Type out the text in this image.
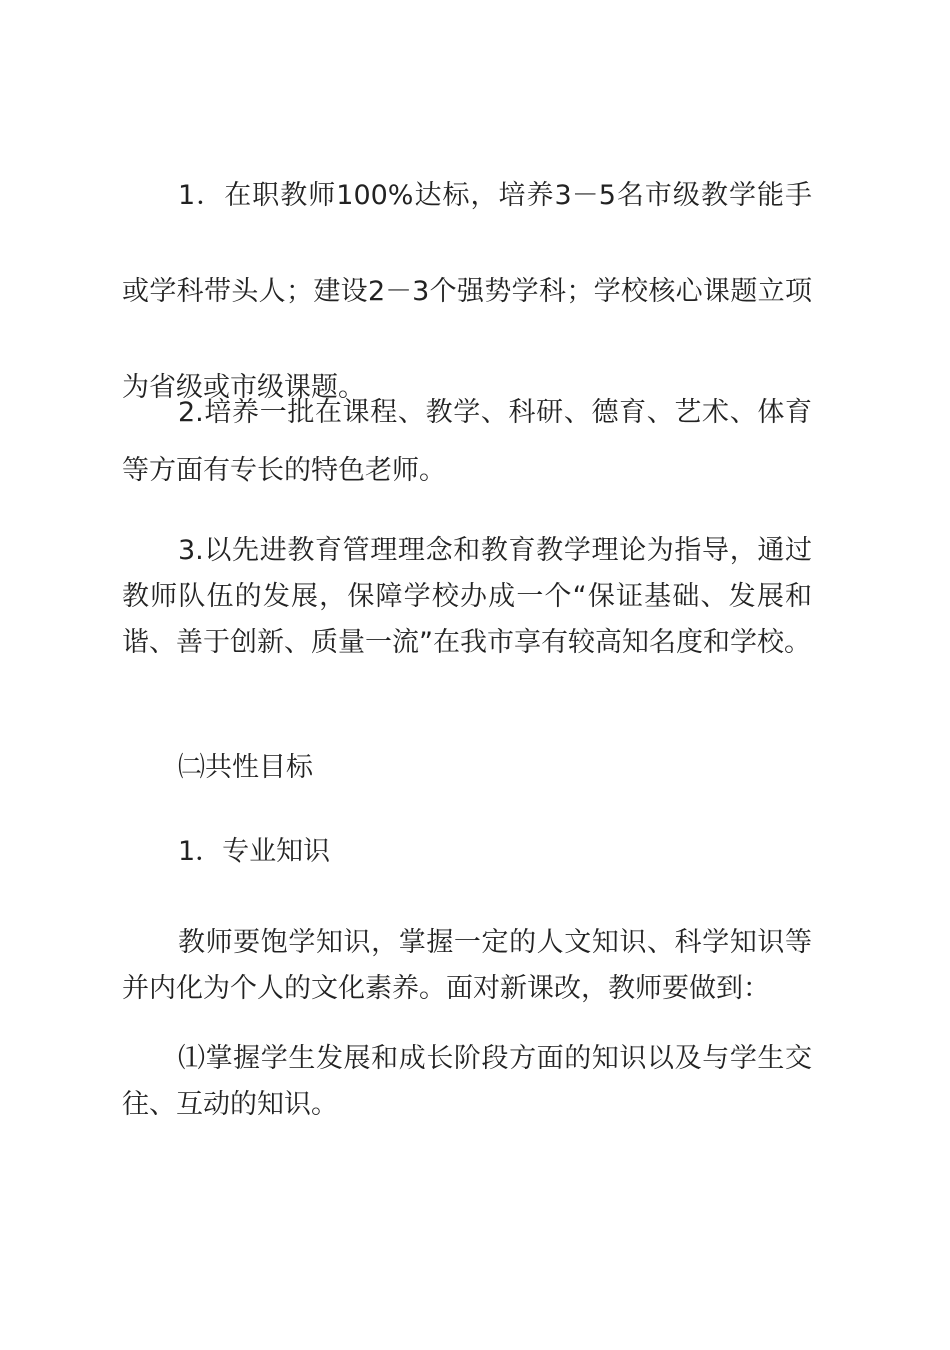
1．在职教师100%达标，培养3－5名市级教学能手或学科带头人；建设2－3个强势学科；学校核心课题立项为省级或市级课题。

2.培养一批在课程、教学、科研、德育、艺术、体育等方面有专长的特色老师。

3.以先进教育管理理念和教育教学理论为指导，通过教师队伍的发展，保障学校办成一个“保证基础、发展和谐、善于创新、质量一流”在我市享有较高知名度和学校。

㈡共性目标

1．专业知识

教师要饱学知识，掌握一定的人文知识、科学知识等并内化为个人的文化素养。面对新课改，教师要做到：

⑴掌握学生发展和成长阶段方面的知识以及与学生交往、互动的知识。
